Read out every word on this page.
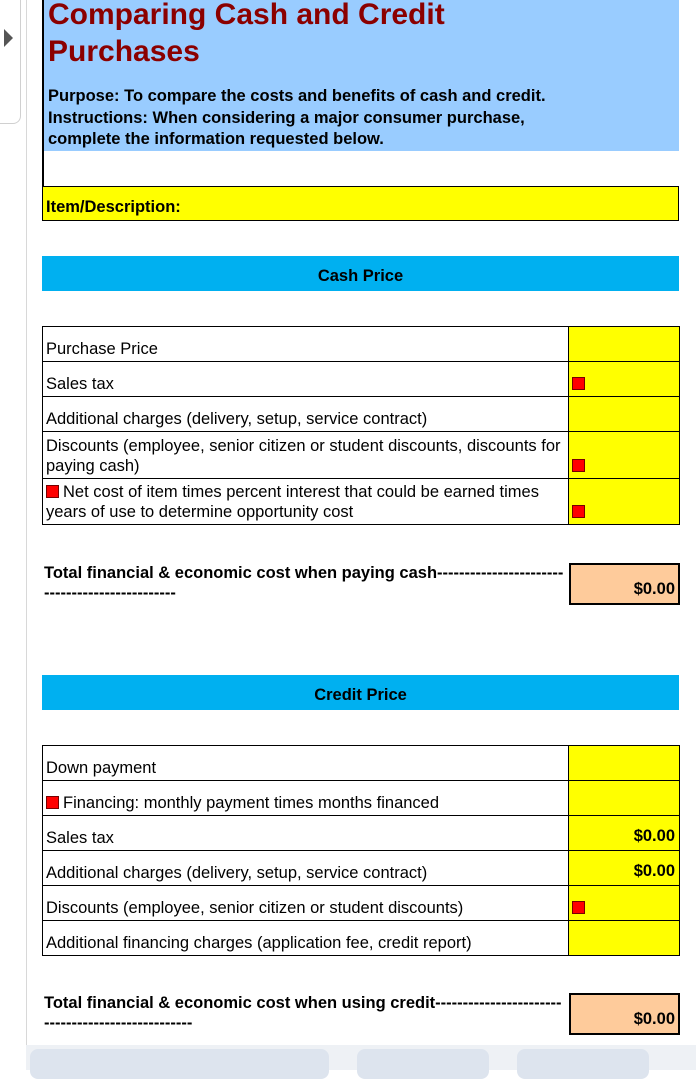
Comparing Cash and Credit Purchases
Purpose: To compare the costs and benefits of cash and credit.
Instructions: When considering a major consumer purchase, complete the information requested below.
Item/Description:
Cash Price
Purchase Price	
Sales tax	

Additional charges (delivery, setup, service contract)	
Discounts (employee, senior citizen or student discounts, discounts for paying cash)	

Net cost of item times percent interest that could be earned times years of use to determine opportunity cost	
Total financial & economic cost when paying cash-----------------------------------------------	$0.00
Credit Price
Down payment	
Financing: monthly payment times months financed	
Sales tax	$0.00
Additional charges (delivery, setup, service contract)	$0.00
Discounts (employee, senior citizen or student discounts)	

Additional financing charges (application fee, credit report)	
Total financial & economic cost when using credit--------------------------------------------------	$0.00
